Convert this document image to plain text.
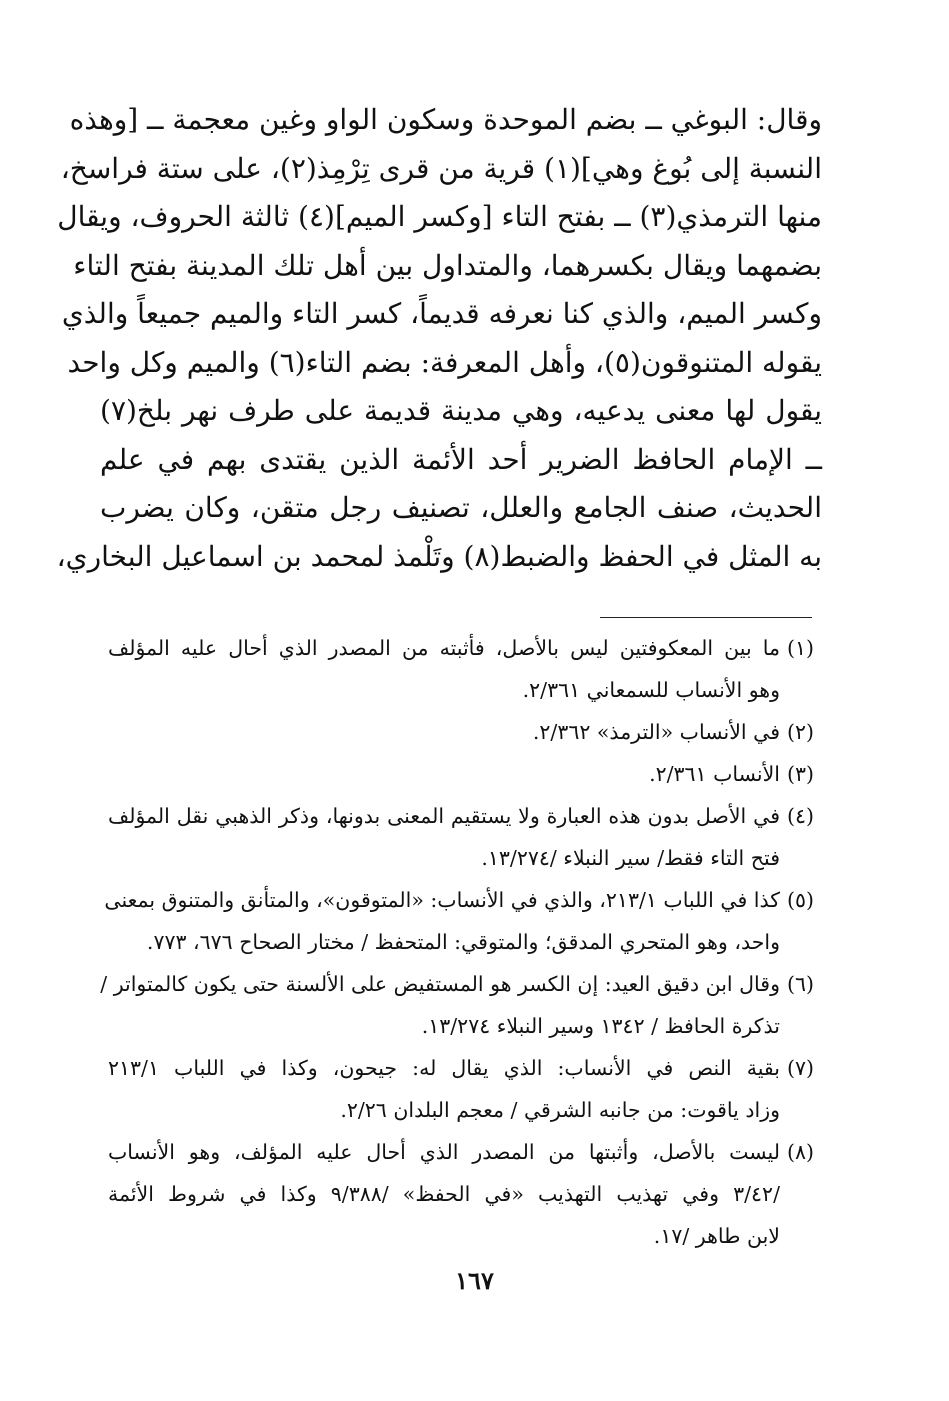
وقال: البوغي ــ بضم الموحدة وسكون الواو وغين معجمة ــ [وهذه
النسبة إلى بُوغ وهي](١) قرية من قرى تِرْمِذ(٢)، على ستة فراسخ،
منها الترمذي(٣) ــ بفتح التاء [وكسر الميم](٤) ثالثة الحروف، ويقال
بضمهما ويقال بكسرهما، والمتداول بين أهل تلك المدينة بفتح التاء
وكسر الميم، والذي كنا نعرفه قديماً، كسر التاء والميم جميعاً والذي
يقوله المتنوقون(٥)، وأهل المعرفة: بضم التاء(٦) والميم وكل واحد
يقول لها معنى يدعيه، وهي مدينة قديمة على طرف نهر بلخ(٧)
ــ الإمام الحافظ الضرير أحد الأئمة الذين يقتدى بهم في علم
الحديث، صنف الجامع والعلل، تصنيف رجل متقن، وكان يضرب
به المثل في الحفظ والضبط(٨) وتَلْمذ لمحمد بن اسماعيل البخاري،
(١)ما بين المعكوفتين ليس بالأصل، فأثبته من المصدر الذي أحال عليه المؤلف
وهو الأنساب للسمعاني ٢/٣٦١.
(٢)في الأنساب «الترمذ» ٢/٣٦٢.
(٣)الأنساب ٢/٣٦١.
(٤)في الأصل بدون هذه العبارة ولا يستقيم المعنى بدونها، وذكر الذهبي نقل المؤلف
فتح التاء فقط/ سير النبلاء /١٣/٢٧٤.
(٥)كذا في اللباب ٢١٣/١، والذي في الأنساب: «المتوقون»، والمتأنق والمتنوق بمعنى
واحد، وهو المتحري المدقق؛ والمتوقي: المتحفظ / مختار الصحاح ٦٧٦، ٧٧٣.
(٦)وقال ابن دقيق العيد: إن الكسر هو المستفيض على الألسنة حتى يكون كالمتواتر /
تذكرة الحافظ / ١٣٤٢ وسير النبلاء ١٣/٢٧٤.
(٧)بقية النص في الأنساب: الذي يقال له: جيحون، وكذا في اللباب ٢١٣/١
وزاد ياقوت: من جانبه الشرقي / معجم البلدان ٢/٢٦.
(٨)ليست بالأصل، وأثبتها من المصدر الذي أحال عليه المؤلف، وهو الأنساب
/٣/٤٢ وفي تهذيب التهذيب «في الحفظ» /٩/٣٨٨ وكذا في شروط الأئمة
لابن طاهر /١٧.
١٦٧
